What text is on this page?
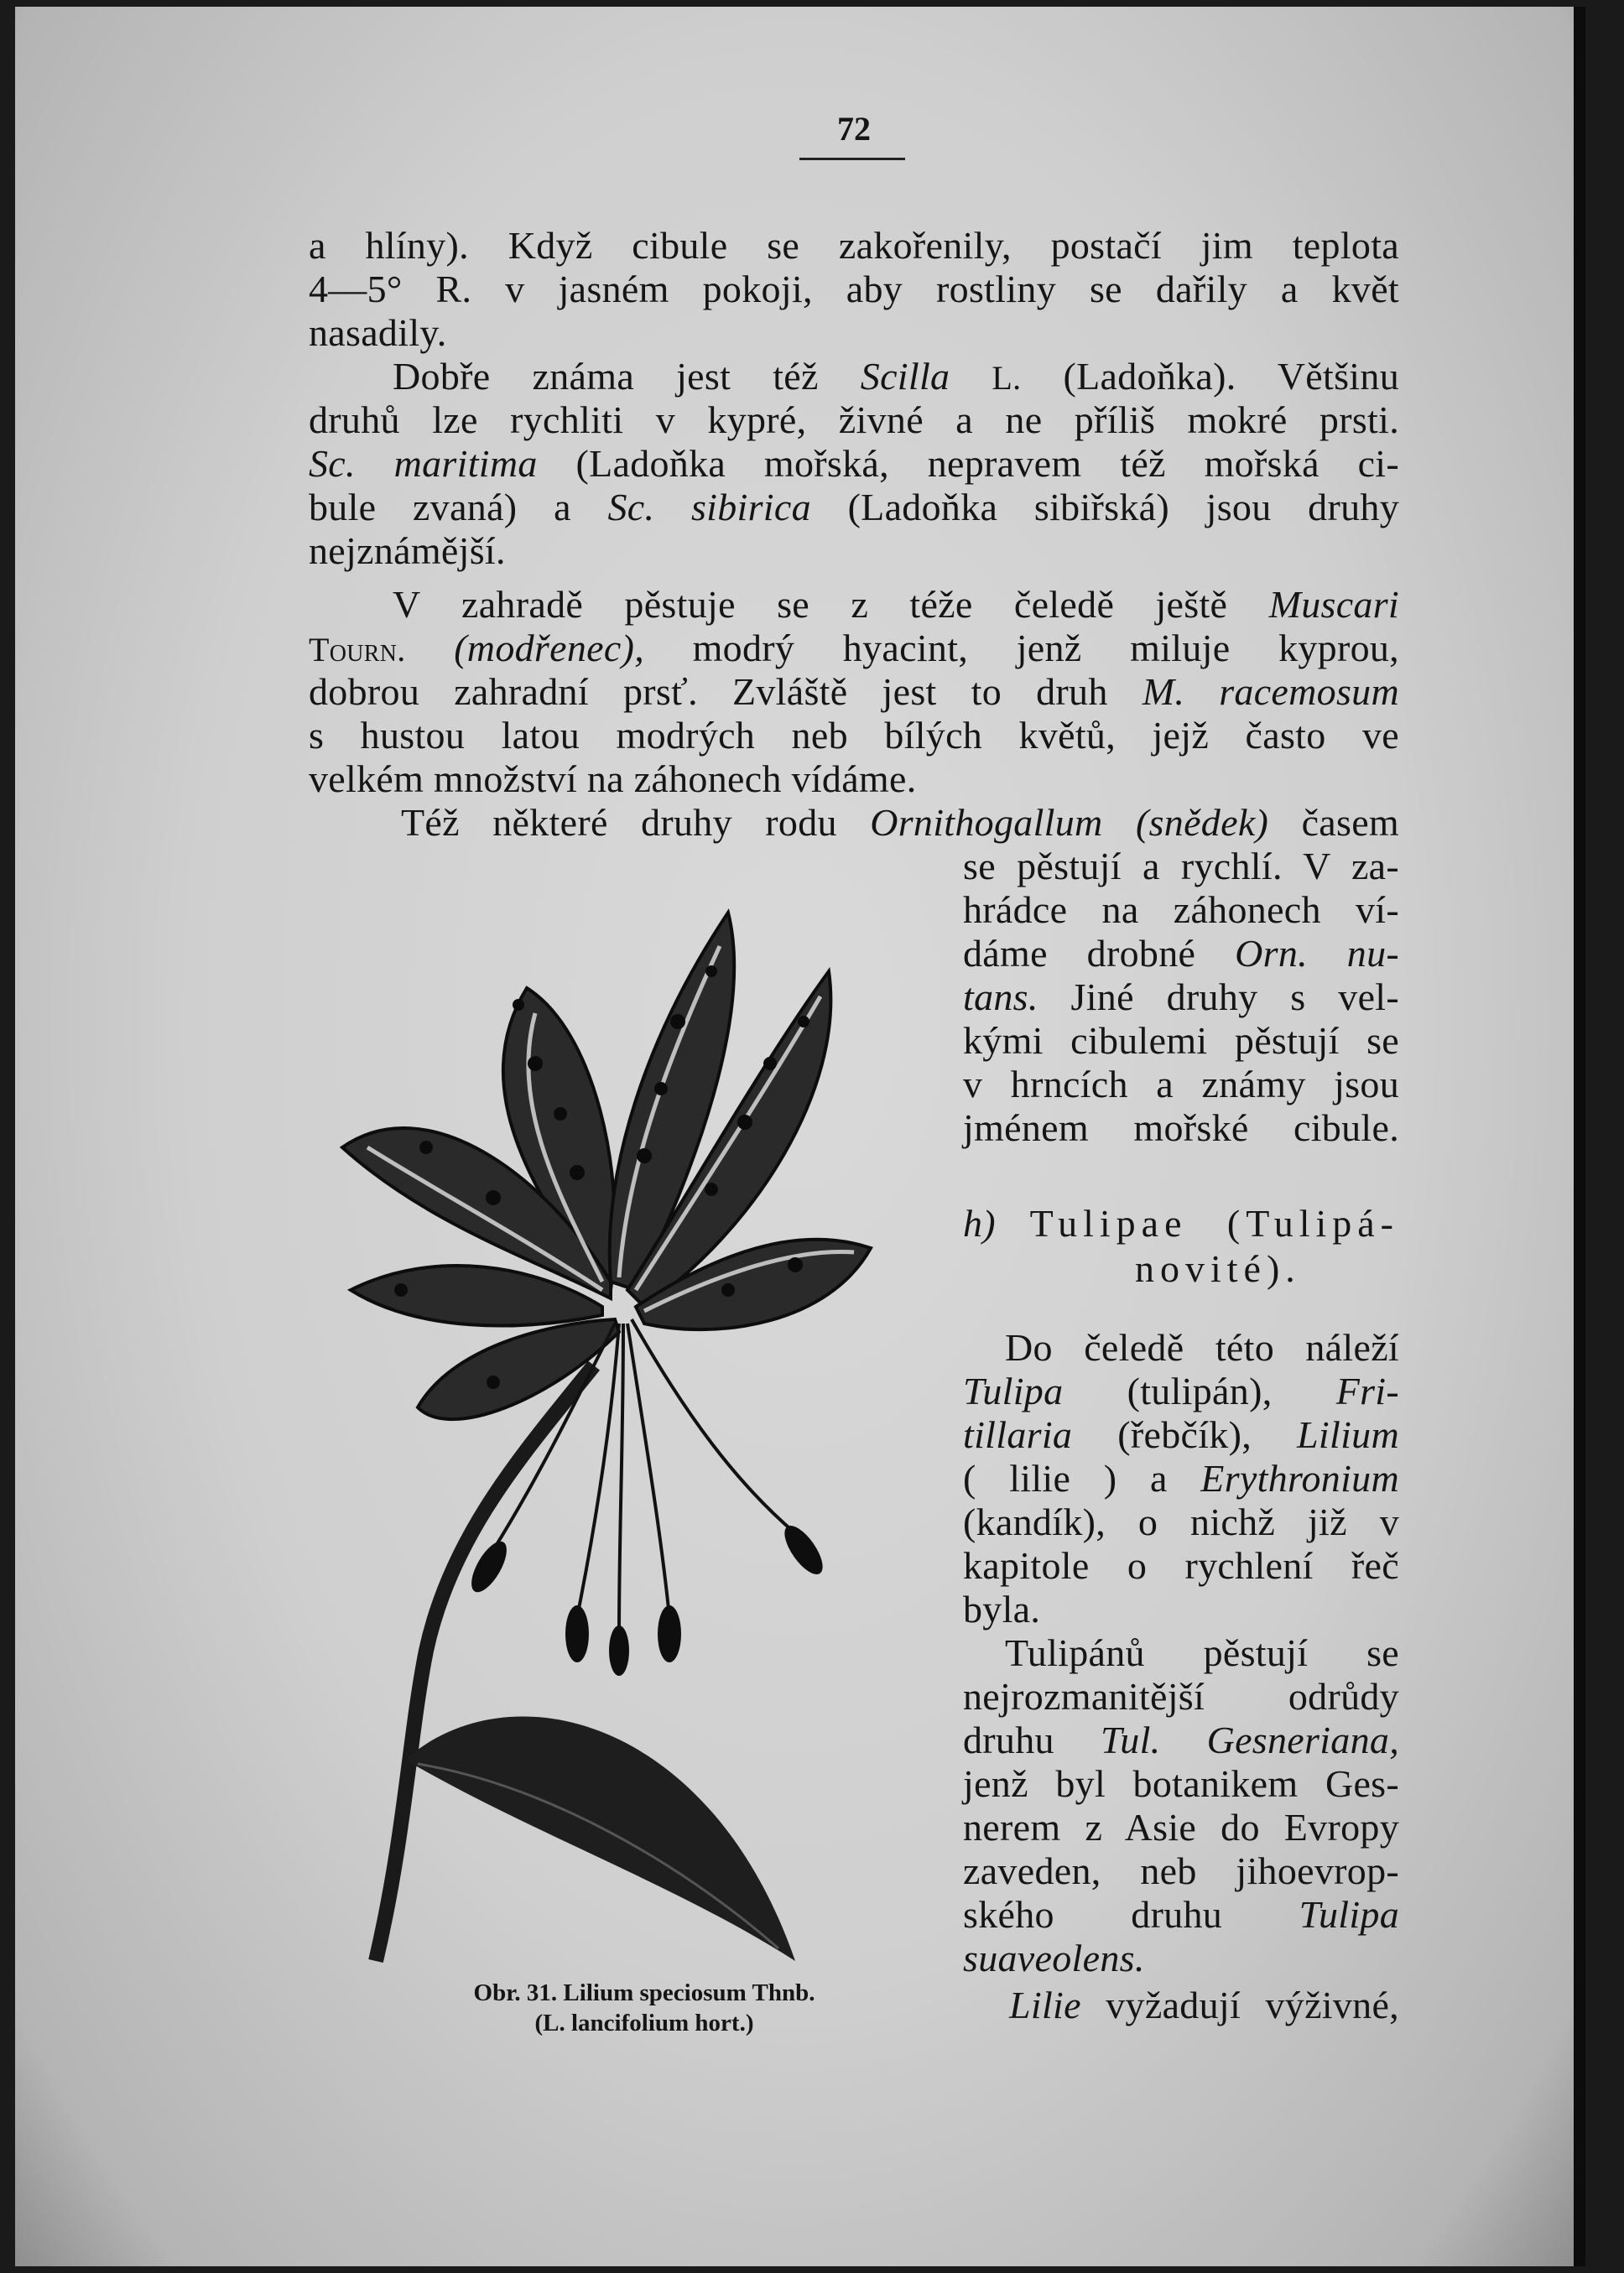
72
a hlíny). Když cibule se zakořenily, postačí jim teplota
4—5° R. v jasném pokoji, aby rostliny se dařily a květ
nasadily.
Dobře známa jest též Scilla L. (Ladoňka). Většinu
druhů lze rychliti v kypré, živné a ne příliš mokré prsti.
Sc. maritima (Ladoňka mořská, nepravem též mořská ci-
bule zvaná) a Sc. sibirica (Ladoňka sibiřská) jsou druhy
nejznámější.
V zahradě pěstuje se z téže čeledě ještě Muscari
Tourn. (modřenec), modrý hyacint, jenž miluje kyprou,
dobrou zahradní prsť. Zvláště jest to druh M. racemosum
s hustou latou modrých neb bílých květů, jejž často ve
velkém množství na záhonech vídáme.
Též některé druhy rodu Ornithogallum (snědek) časem
se pěstují a rychlí. V za-
hrádce na záhonech ví-
dáme drobné Orn. nu-
tans. Jiné druhy s vel-
kými cibulemi pěstují se
v hrncích a známy jsou
jménem mořské cibule.
h) Tulipae (Tulipá-
novité).
Do čeledě této náleží
Tulipa (tulipán), Fri-
tillaria (řebčík), Lilium
( lilie ) a Erythronium
(kandík), o nichž již v
kapitole o rychlení řeč
byla.
Tulipánů pěstují se
nejrozmanitější odrůdy
druhu Tul. Gesneriana,
jenž byl botanikem Ges-
nerem z Asie do Evropy
zaveden, neb jihoevrop-
ského druhu Tulipa
suaveolens.
Lilie vyžadují výživné,
Obr. 31. Lilium speciosum Thnb.
(L. lancifolium hort.)
